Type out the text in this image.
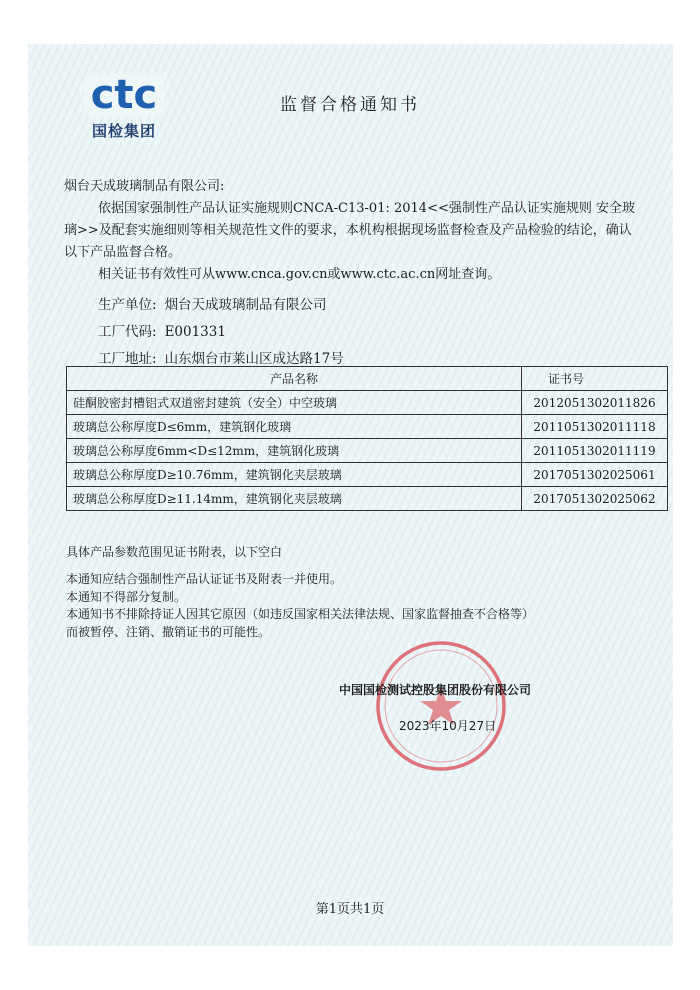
ctc
国检集团
监督合格通知书

烟台天成玻璃制品有限公司:

依据国家强制性产品认证实施规则CNCA-C13-01: 2014<<强制性产品认证实施规则 安全玻璃>>及配套实施细则等相关规范性文件的要求，本机构根据现场监督检查及产品检验的结论，确认以下产品监督合格。

相关证书有效性可从www.cnca.gov.cn或www.ctc.ac.cn网址查询。

生产单位: 烟台天成玻璃制品有限公司
工厂代码: E001331
工厂地址: 山东烟台市莱山区成达路17号
产品名称	证书号
硅酮胶密封槽铝式双道密封建筑（安全）中空玻璃	2012051302011826
玻璃总公称厚度D≤6mm，建筑钢化玻璃	2011051302011118
玻璃总公称厚度6mm<D≤12mm，建筑钢化玻璃	2011051302011119
玻璃总公称厚度D≥10.76mm，建筑钢化夹层玻璃	2017051302025061
玻璃总公称厚度D≥11.14mm，建筑钢化夹层玻璃	2017051302025062
具体产品参数范围见证书附表，以下空白

本通知应结合强制性产品认证证书及附表一并使用。

本通知不得部分复制。

本通知书不排除持证人因其它原因（如违反国家相关法律法规、国家监督抽查不合格等）

而被暂停、注销、撤销证书的可能性。

中国国检测试控股集团股份有限公司
2023年10月27日
第1页共1页
